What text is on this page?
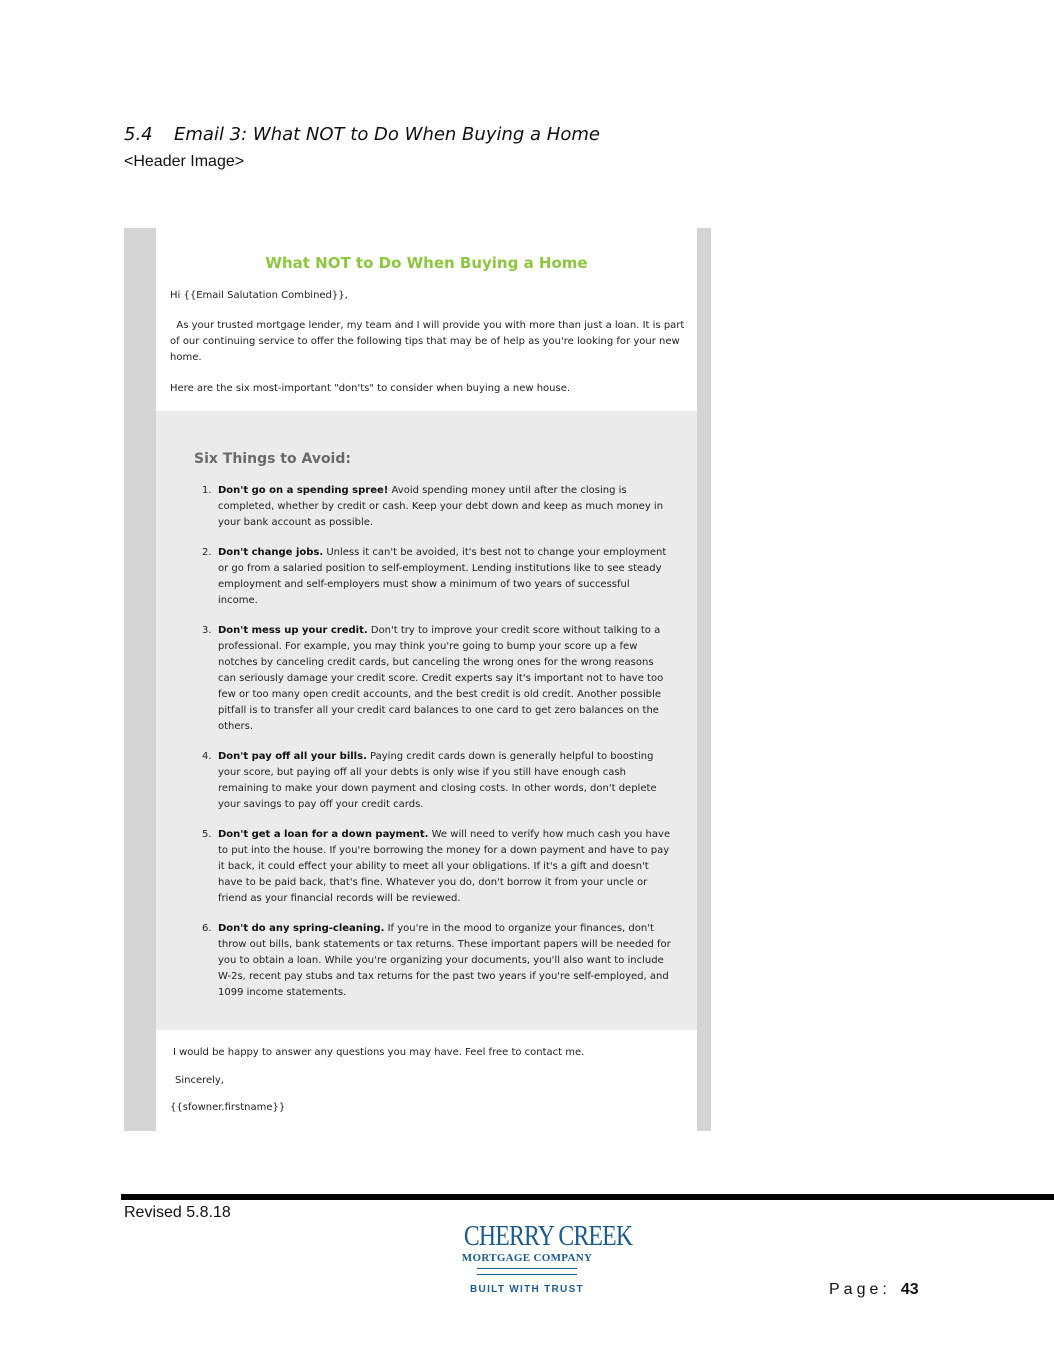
5.4 Email 3: What NOT to Do When Buying a Home
<Header Image>
What NOT to Do When Buying a Home
Hi {{Email Salutation Combined}},
As your trusted mortgage lender, my team and I will provide you with more than just a loan. It is part of our continuing service to offer the following tips that may be of help as you're looking for your new home.
Here are the six most-important "don'ts" to consider when buying a new house.
Six Things to Avoid:
1. Don't go on a spending spree! Avoid spending money until after the closing is completed, whether by credit or cash. Keep your debt down and keep as much money in your bank account as possible.
2. Don't change jobs. Unless it can't be avoided, it's best not to change your employment or go from a salaried position to self-employment. Lending institutions like to see steady employment and self-employers must show a minimum of two years of successful income.
3. Don't mess up your credit. Don't try to improve your credit score without talking to a professional. For example, you may think you're going to bump your score up a few notches by canceling credit cards, but canceling the wrong ones for the wrong reasons can seriously damage your credit score. Credit experts say it's important not to have too few or too many open credit accounts, and the best credit is old credit. Another possible pitfall is to transfer all your credit card balances to one card to get zero balances on the others.
4. Don't pay off all your bills. Paying credit cards down is generally helpful to boosting your score, but paying off all your debts is only wise if you still have enough cash remaining to make your down payment and closing costs. In other words, don't deplete your savings to pay off your credit cards.
5. Don't get a loan for a down payment. We will need to verify how much cash you have to put into the house. If you're borrowing the money for a down payment and have to pay it back, it could effect your ability to meet all your obligations. If it's a gift and doesn't have to be paid back, that's fine. Whatever you do, don't borrow it from your uncle or friend as your financial records will be reviewed.
6. Don't do any spring-cleaning. If you're in the mood to organize your finances, don't throw out bills, bank statements or tax returns. These important papers will be needed for you to obtain a loan. While you're organizing your documents, you'll also want to include W-2s, recent pay stubs and tax returns for the past two years if you're self-employed, and 1099 income statements.
I would be happy to answer any questions you may have. Feel free to contact me.
Sincerely,
{{sfowner.firstname}}
Revised 5.8.18
CHERRY CREEK
MORTGAGE COMPANY
BUILT WITH TRUST	Page: 43
